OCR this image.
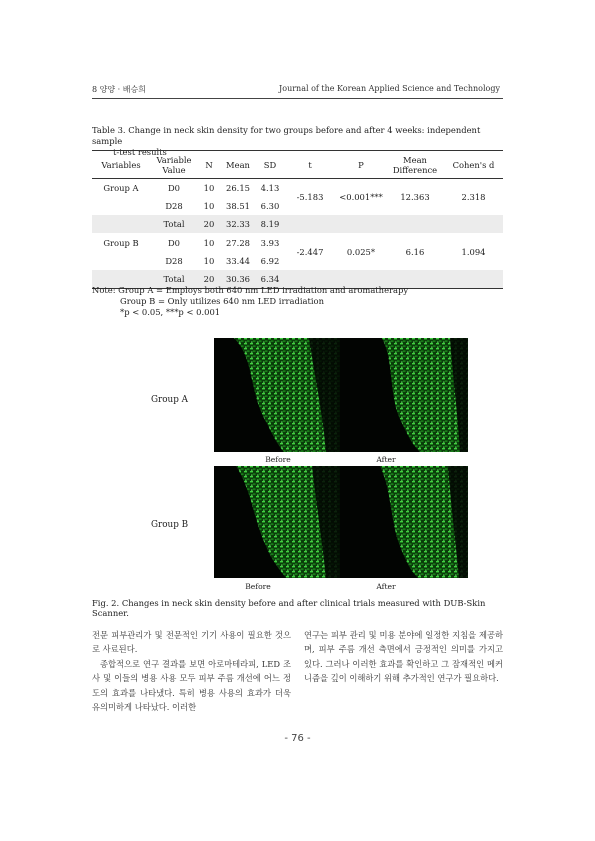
8 양양 · 배승희	Journal of the Korean Applied Science and Technology
Table 3. Change in neck skin density for two groups before and after 4 weeks: independent sample
t-test results
Variables	Variable Value	N	Mean	SD	t	P	Mean Difference	Cohen's d
Group A	D0	10	26.15	4.13	-5.183	<0.001***	12.363	2.318
	D28	10	38.51	6.30				
	Total	20	32.33	8.19				
Group B	D0	10	27.28	3.93	-2.447	0.025*	6.16	1.094
	D28	10	33.44	6.92				
	Total	20	30.36	6.34				
Note: Group A = Employs both 640 nm LED irradiation and aromatherapy
Group B = Only utilizes 640 nm LED irradiation
*p < 0.05, ***p < 0.001
Group A
Group B
Before	After
Before	After
Fig. 2. Changes in neck skin density before and after clinical trials measured with DUB-Skin Scanner.

전문 피부관리가 및 전문적인 기기 사용이 필요한 것으로 사료된다.

종합적으로 연구 결과를 보면 아로마테라피, LED 조사 및 이들의 병용 사용 모두 피부 주름 개선에 어느 정도의 효과를 나타냈다. 특히 병용 사용의 효과가 더욱 유의미하게 나타났다. 이러한

연구는 피부 관리 및 미용 분야에 일정한 지침을 제공하며, 피부 주름 개선 측면에서 긍정적인 의미를 가지고 있다. 그러나 이러한 효과를 확인하고 그 잠재적인 메커니즘을 깊이 이해하기 위해 추가적인 연구가 필요하다.

- 76 -
